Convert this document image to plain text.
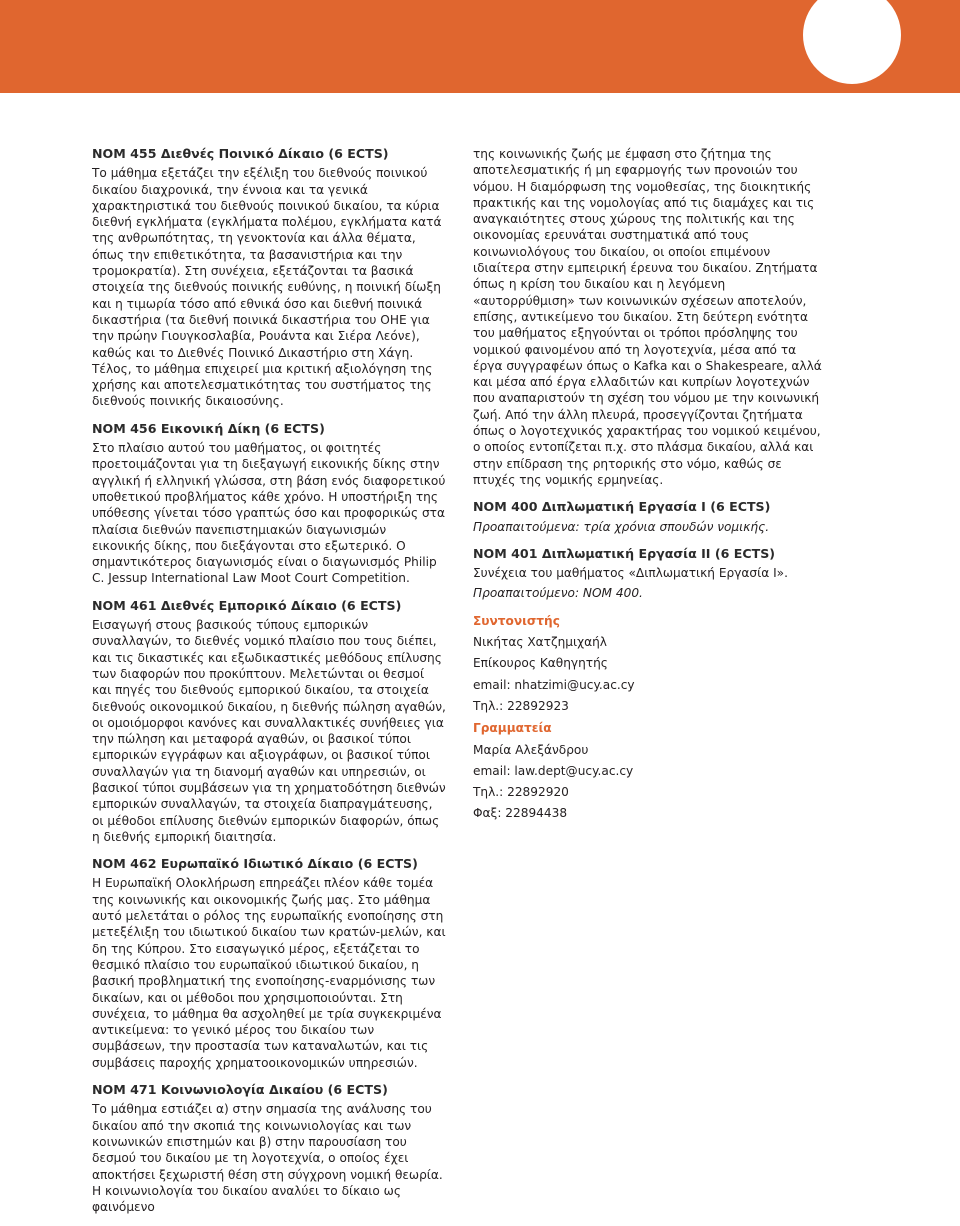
ΝΟΜ 455 Διεθνές Ποινικό Δίκαιο (6 ECTS)

Το μάθημα εξετάζει την εξέλιξη του διεθνούς ποινικού δικαίου διαχρονικά, την έννοια και τα γενικά χαρακτηριστικά του διεθνούς ποινικού δικαίου, τα κύρια διεθνή εγκλήματα (εγκλήματα πολέμου, εγκλήματα κατά της ανθρωπότητας, τη γενοκτονία και άλλα θέματα, όπως την επιθετικότητα, τα βασανιστήρια και την τρομοκρατία). Στη συνέχεια, εξετάζονται τα βασικά στοιχεία της διεθνούς ποινικής ευθύνης, η ποινική δίωξη και η τιμωρία τόσο από εθνικά όσο και διεθνή ποινικά δικαστήρια (τα διεθνή ποινικά δικαστήρια του ΟΗΕ για την πρώην Γιουγκοσλαβία, Ρουάντα και Σιέρα Λεόνε), καθώς και το Διεθνές Ποινικό Δικαστήριο στη Χάγη. Τέλος, το μάθημα επιχειρεί μια κριτική αξιολόγηση της χρήσης και αποτελεσματικότητας του συστήματος της διεθνούς ποινικής δικαιοσύνης.

ΝΟΜ 456 Εικονική Δίκη (6 ECTS)

Στο πλαίσιο αυτού του μαθήματος, οι φοιτητές προετοιμάζονται για τη διεξαγωγή εικονικής δίκης στην αγγλική ή ελληνική γλώσσα, στη βάση ενός διαφορετικού υποθετικού προβλήματος κάθε χρόνο. Η υποστήριξη της υπόθεσης γίνεται τόσο γραπτώς όσο και προφορικώς στα πλαίσια διεθνών πανεπιστημιακών διαγωνισμών εικονικής δίκης, που διεξάγονται στο εξωτερικό. Ο σημαντικότερος διαγωνισμός είναι ο διαγωνισμός Philip C. Jessup International Law Moot Court Competition.

ΝΟΜ 461 Διεθνές Εμπορικό Δίκαιο (6 ECTS)

Εισαγωγή στους βασικούς τύπους εμπορικών συναλλαγών, το διεθνές νομικό πλαίσιο που τους διέπει, και τις δικαστικές και εξωδικαστικές μεθόδους επίλυσης των διαφορών που προκύπτουν. Μελετώνται οι θεσμοί και πηγές του διεθνούς εμπορικού δικαίου, τα στοιχεία διεθνούς οικονομικού δικαίου, η διεθνής πώληση αγαθών, οι ομοιόμορφοι κανόνες και συναλλακτικές συνήθειες για την πώληση και μεταφορά αγαθών, οι βασικοί τύποι εμπορικών εγγράφων και αξιογράφων, οι βασικοί τύποι συναλλαγών για τη διανομή αγαθών και υπηρεσιών, οι βασικοί τύποι συμβάσεων για τη χρηματοδότηση διεθνών εμπορικών συναλλαγών, τα στοιχεία διαπραγμάτευσης, οι μέθοδοι επίλυσης διεθνών εμπορικών διαφορών, όπως η διεθνής εμπορική διαιτησία.

ΝΟΜ 462 Ευρωπαϊκό Ιδιωτικό Δίκαιο (6 ECTS)

Η Ευρωπαϊκή Ολοκλήρωση επηρεάζει πλέον κάθε τομέα της κοινωνικής και οικονομικής ζωής μας. Στο μάθημα αυτό μελετάται ο ρόλος της ευρωπαϊκής ενοποίησης στη μετεξέλιξη του ιδιωτικού δικαίου των κρατών-μελών, και δη της Κύπρου. Στο εισαγωγικό μέρος, εξετάζεται το θεσμικό πλαίσιο του ευρωπαϊκού ιδιωτικού δικαίου, η βασική προβληματική της ενοποίησης-εναρμόνισης των δικαίων, και οι μέθοδοι που χρησιμοποιούνται. Στη συνέχεια, το μάθημα θα ασχοληθεί με τρία συγκεκριμένα αντικείμενα: το γενικό μέρος του δικαίου των συμβάσεων, την προστασία των καταναλωτών, και τις συμβάσεις παροχής χρηματοοικονομικών υπηρεσιών.

ΝΟΜ 471 Κοινωνιολογία Δικαίου (6 ECTS)

Το μάθημα εστιάζει α) στην σημασία της ανάλυσης του δικαίου από την σκοπιά της κοινωνιολογίας και των κοινωνικών επιστημών και β) στην παρουσίαση του δεσμού του δικαίου με τη λογοτεχνία, ο οποίος έχει αποκτήσει ξεχωριστή θέση στη σύγχρονη νομική θεωρία. Η κοινωνιολογία του δικαίου αναλύει το δίκαιο ως φαινόμενο

της κοινωνικής ζωής με έμφαση στο ζήτημα της αποτελεσματικής ή μη εφαρμογής των προνοιών του νόμου. Η διαμόρφωση της νομοθεσίας, της διοικητικής πρακτικής και της νομολογίας από τις διαμάχες και τις αναγκαιότητες στους χώρους της πολιτικής και της οικονομίας ερευνάται συστηματικά από τους κοινωνιολόγους του δικαίου, οι οποίοι επιμένουν ιδιαίτερα στην εμπειρική έρευνα του δικαίου. Ζητήματα όπως η κρίση του δικαίου και η λεγόμενη «αυτορρύθμιση» των κοινωνικών σχέσεων αποτελούν, επίσης, αντικείμενο του δικαίου. Στη δεύτερη ενότητα του μαθήματος εξηγούνται οι τρόποι πρόσληψης του νομικού φαινομένου από τη λογοτεχνία, μέσα από τα έργα συγγραφέων όπως ο Kafka και ο Shakespeare, αλλά και μέσα από έργα ελλαδιτών και κυπρίων λογοτεχνών που αναπαριστούν τη σχέση του νόμου με την κοινωνική ζωή. Από την άλλη πλευρά, προσεγγίζονται ζητήματα όπως ο λογοτεχνικός χαρακτήρας του νομικού κειμένου, ο οποίος εντοπίζεται π.χ. στο πλάσμα δικαίου, αλλά και στην επίδραση της ρητορικής στο νόμο, καθώς σε πτυχές της νομικής ερμηνείας.

ΝΟΜ 400 Διπλωματική Εργασία Ι (6 ECTS)

Προαπαιτούμενα: τρία χρόνια σπουδών νομικής.

ΝΟΜ 401 Διπλωματική Εργασία ΙΙ (6 ECTS)

Συνέχεια του μαθήματος «Διπλωματική Εργασία Ι».

Προαπαιτούμενο: ΝΟΜ 400.

Συντονιστής
Νικήτας Χατζημιχαήλ
Επίκουρος Καθηγητής
email: nhatzimi@ucy.ac.cy
Τηλ.: 22892923
Γραμματεία
Μαρία Αλεξάνδρου
email: law.dept@ucy.ac.cy
Τηλ.: 22892920
Φαξ: 22894438
